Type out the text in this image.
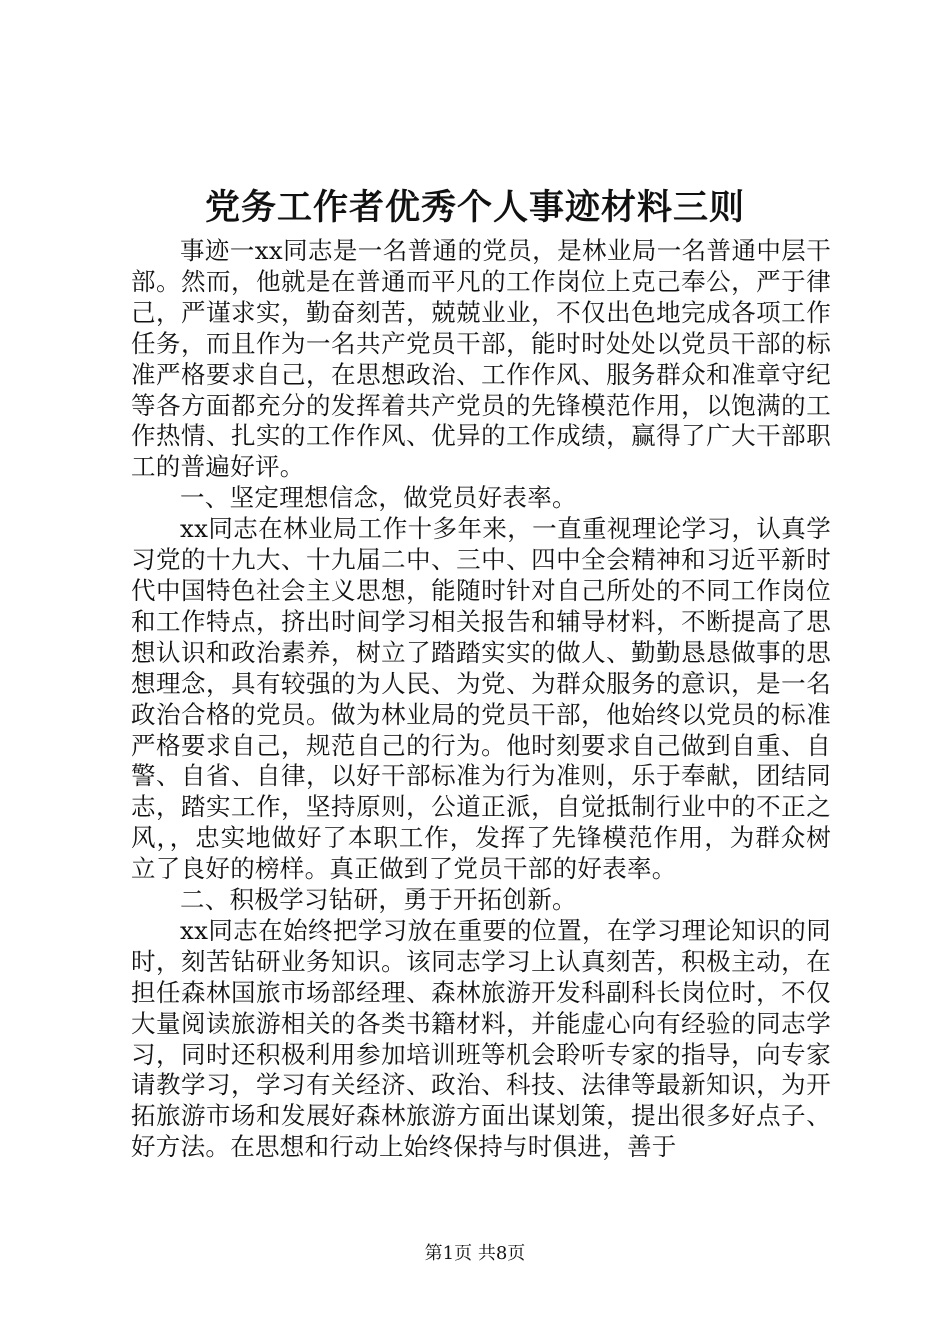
党务工作者优秀个人事迹材料三则

事迹一xx同志是一名普通的党员，是林业局一名普通中层干部。然而，他就是在普通而平凡的工作岗位上克己奉公，严于律己，严谨求实，勤奋刻苦，兢兢业业，不仅出色地完成各项工作任务，而且作为一名共产党员干部，能时时处处以党员干部的标准严格要求自己，在思想政治、工作作风、服务群众和准章守纪等各方面都充分的发挥着共产党员的先锋模范作用，以饱满的工作热情、扎实的工作作风、优异的工作成绩，赢得了广大干部职工的普遍好评。

一、坚定理想信念，做党员好表率。

xx同志在林业局工作十多年来，一直重视理论学习，认真学习党的十九大、十九届二中、三中、四中全会精神和习近平新时代中国特色社会主义思想，能随时针对自己所处的不同工作岗位和工作特点，挤出时间学习相关报告和辅导材料，不断提高了思想认识和政治素养，树立了踏踏实实的做人、勤勤恳恳做事的思想理念，具有较强的为人民、为党、为群众服务的意识，是一名政治合格的党员。做为林业局的党员干部，他始终以党员的标准严格要求自己，规范自己的行为。他时刻要求自己做到自重、自警、自省、自律，以好干部标准为行为准则，乐于奉献，团结同志，踏实工作，坚持原则，公道正派，自觉抵制行业中的不正之风，，忠实地做好了本职工作，发挥了先锋模范作用，为群众树立了良好的榜样。真正做到了党员干部的好表率。

二、积极学习钻研，勇于开拓创新。

xx同志在始终把学习放在重要的位置，在学习理论知识的同时，刻苦钻研业务知识。该同志学习上认真刻苦，积极主动，在担任森林国旅市场部经理、森林旅游开发科副科长岗位时，不仅大量阅读旅游相关的各类书籍材料，并能虚心向有经验的同志学习，同时还积极利用参加培训班等机会聆听专家的指导，向专家请教学习，学习有关经济、政治、科技、法律等最新知识，为开拓旅游市场和发展好森林旅游方面出谋划策，提出很多好点子、好方法。在思想和行动上始终保持与时俱进，善于

第1页 共8页
